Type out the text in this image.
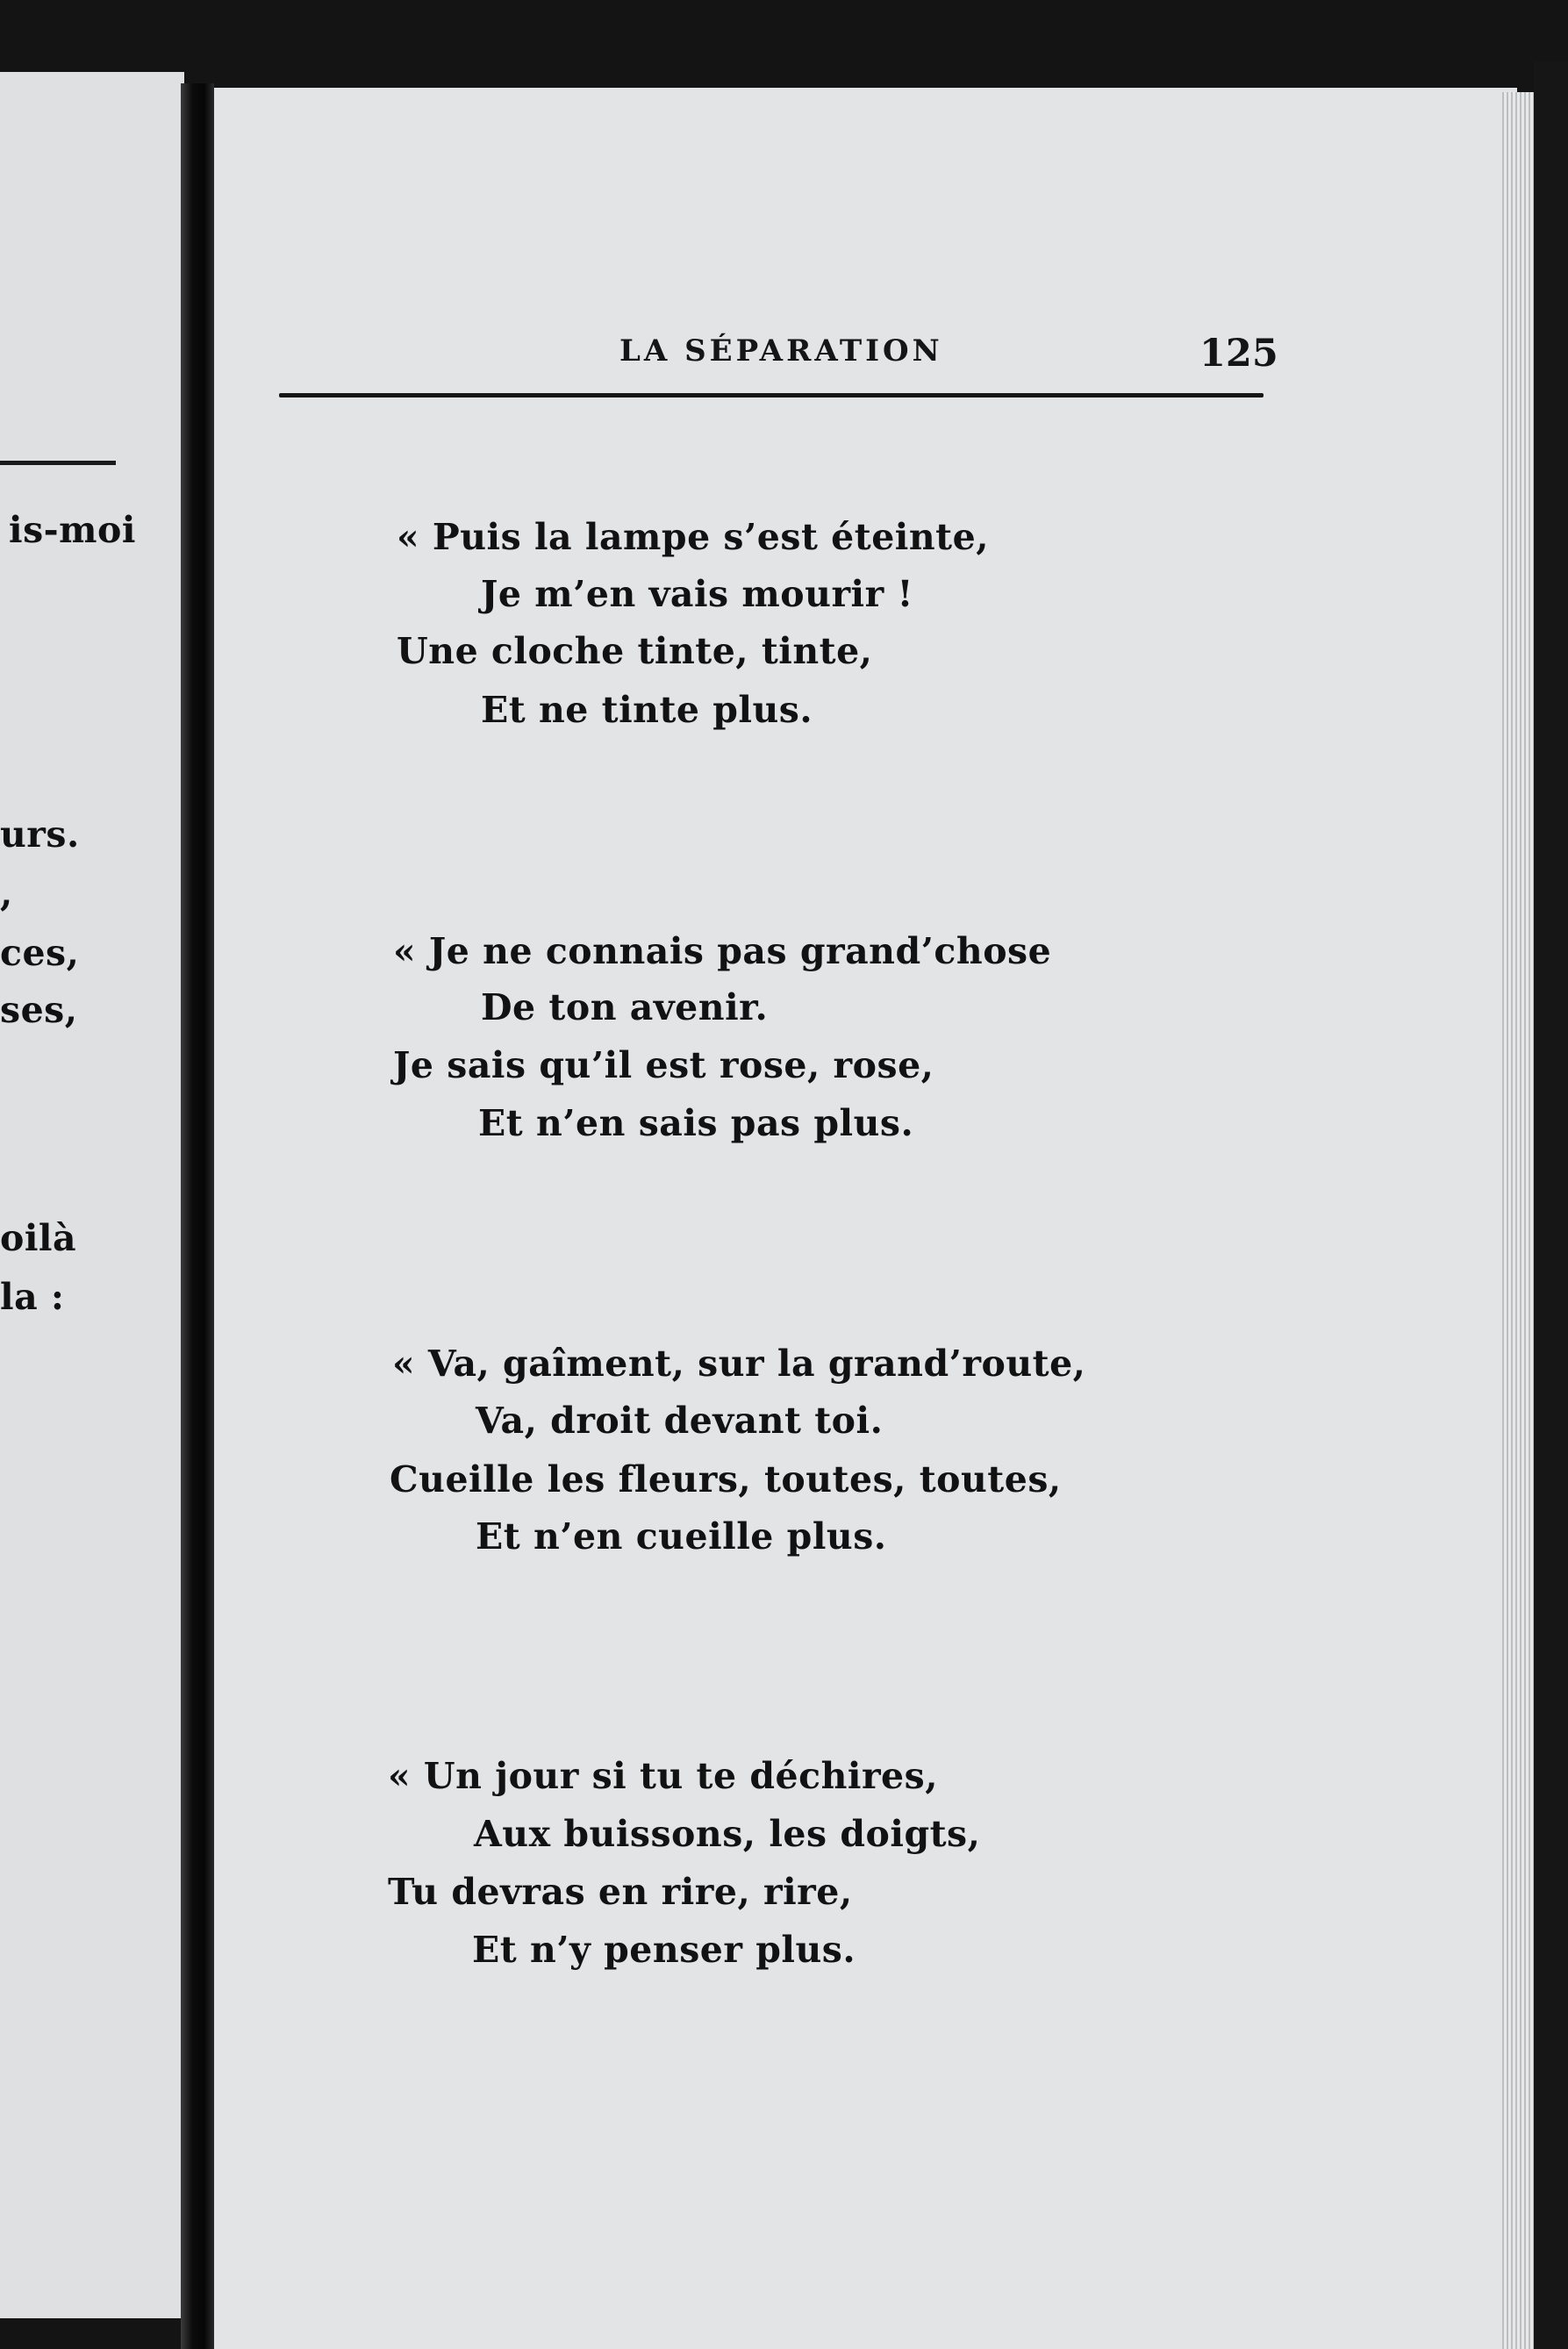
is-moi
urs.
,
ces,
ses,
oilà
la :
LA SÉPARATION	125
« Puis la lampe s’est éteinte,
Je m’en vais mourir !
Une cloche tinte, tinte,
Et ne tinte plus.
« Je ne connais pas grand’chose
De ton avenir.
Je sais qu’il est rose, rose,
Et n’en sais pas plus.
« Va, gaîment, sur la grand’route,
Va, droit devant toi.
Cueille les fleurs, toutes, toutes,
Et n’en cueille plus.
« Un jour si tu te déchires,
Aux buissons, les doigts,
Tu devras en rire, rire,
Et n’y penser plus.
